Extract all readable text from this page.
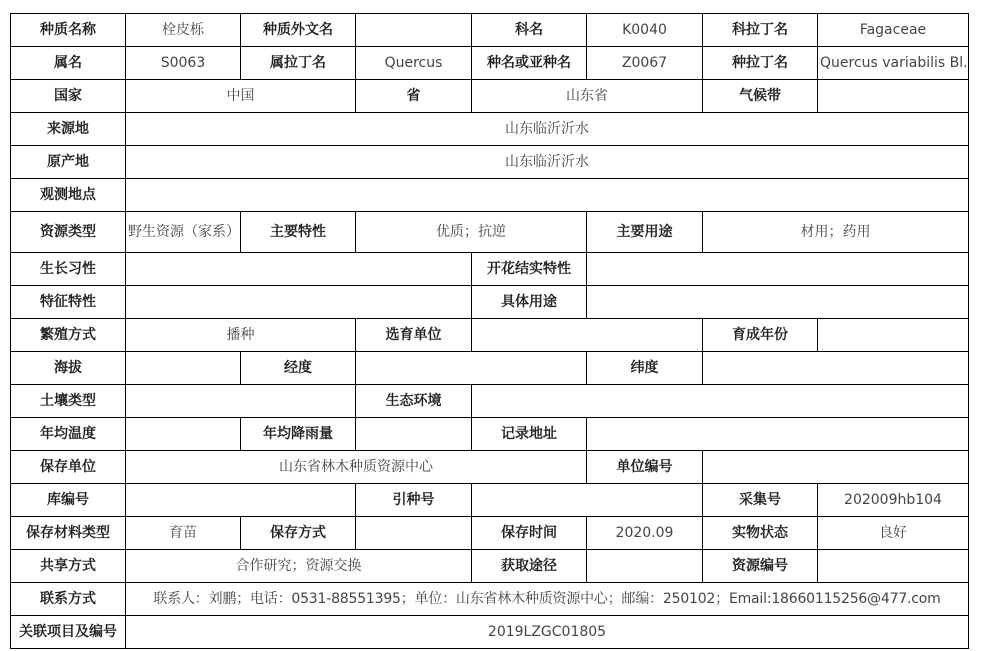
种质名称	栓皮栎	种质外文名		科名	K0040	科拉丁名	Fagaceae
属名	S0063	属拉丁名	Quercus	种名或亚种名	Z0067	种拉丁名	Quercus variabilis Bl.
国家	中国		省	山东省		气候带	
来源地	山东临沂沂水						
原产地	山东临沂沂水						
观测地点							
资源类型	野生资源（家系）	主要特性	优质；抗逆		主要用途	材用；药用	
生长习性				开花结实特性			
特征特性				具体用途			
繁殖方式	播种		选育单位			育成年份	
海拔		经度			纬度		
土壤类型			生态环境				
年均温度		年均降雨量		记录地址			
保存单位	山东省林木种质资源中心				单位编号		
库编号			引种号			采集号	202009hb104
保存材料类型	育苗	保存方式		保存时间	2020.09	实物状态	良好
共享方式	合作研究；资源交换			获取途径		资源编号	
联系方式	联系人：刘鹏；电话：0531-88551395；单位：山东省林木种质资源中心；邮编：250102；Email:18660115256@477.com						
关联项目及编号	2019LZGC01805						
